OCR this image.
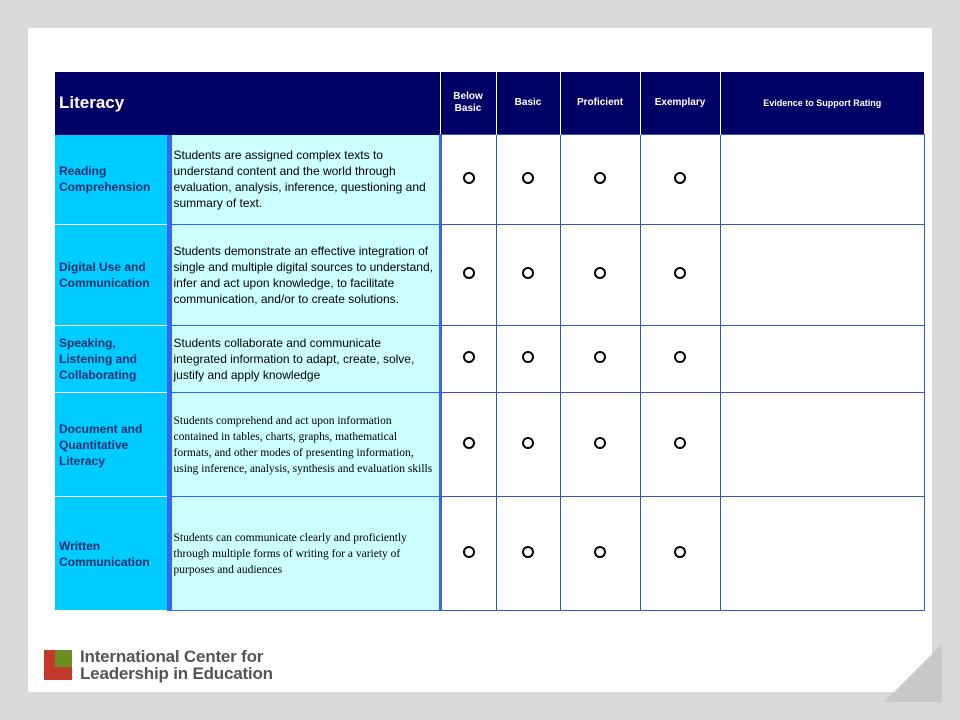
Literacy		Below Basic	Basic	Proficient	Exemplary	Evidence to Support Rating
Reading Comprehension	Students are assigned complex texts to understand content and the world through evaluation, analysis, inference, questioning and summary of text.					
Digital Use and Communication	Students demonstrate an effective integration of single and multiple digital sources to understand, infer and act upon knowledge, to facilitate communication, and/or to create solutions.					
Speaking, Listening and Collaborating	Students collaborate and communicate integrated information to adapt, create, solve, justify and apply knowledge					
Document and Quantitative Literacy	Students comprehend and act upon information contained in tables, charts, graphs, mathematical formats, and other modes of presenting information, using inference, analysis, synthesis and evaluation skills					
Written Communication	Students can communicate clearly and proficiently through multiple forms of writing for a variety of purposes and audiences					
International Center for
Leadership in Education
